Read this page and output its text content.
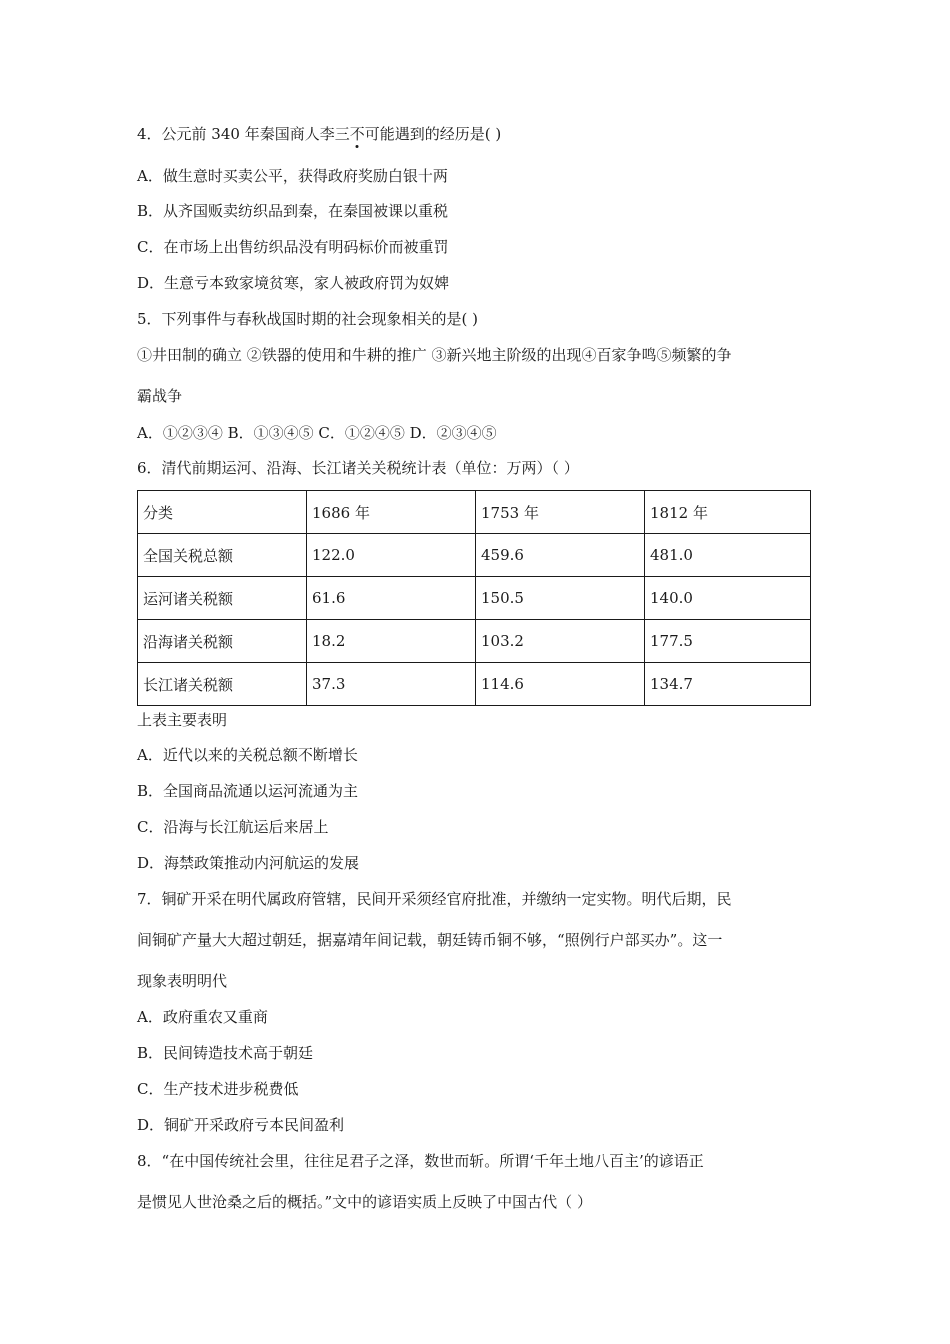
4．公元前 340 年秦国商人李三不可能遇到的经历是( )
A．做生意时买卖公平，获得政府奖励白银十两
B．从齐国贩卖纺织品到秦，在秦国被课以重税
C．在市场上出售纺织品没有明码标价而被重罚
D．生意亏本致家境贫寒，家人被政府罚为奴婢
5．下列事件与春秋战国时期的社会现象相关的是( )
①井田制的确立 ②铁器的使用和牛耕的推广 ③新兴地主阶级的出现④百家争鸣⑤频繁的争
霸战争
A．①②③④ B．①③④⑤ C．①②④⑤ D．②③④⑤
6．清代前期运河、沿海、长江诸关关税统计表（单位：万两）（ ）
分类	1686 年	1753 年	1812 年
全国关税总额	122.0	459.6	481.0
运河诸关税额	61.6	150.5	140.0
沿海诸关税额	18.2	103.2	177.5
长江诸关税额	37.3	114.6	134.7
上表主要表明
A．近代以来的关税总额不断增长
B．全国商品流通以运河流通为主
C．沿海与长江航运后来居上
D．海禁政策推动内河航运的发展
7．铜矿开采在明代属政府管辖，民间开采须经官府批准，并缴纳一定实物。明代后期，民
间铜矿产量大大超过朝廷，据嘉靖年间记载，朝廷铸币铜不够，“照例行户部买办”。这一
现象表明明代
A．政府重农又重商
B．民间铸造技术高于朝廷
C．生产技术进步税费低
D．铜矿开采政府亏本民间盈利
8．“在中国传统社会里，往往足君子之泽，数世而斩。所谓‘千年土地八百主’的谚语正
是惯见人世沧桑之后的概括。”文中的谚语实质上反映了中国古代（ ）
